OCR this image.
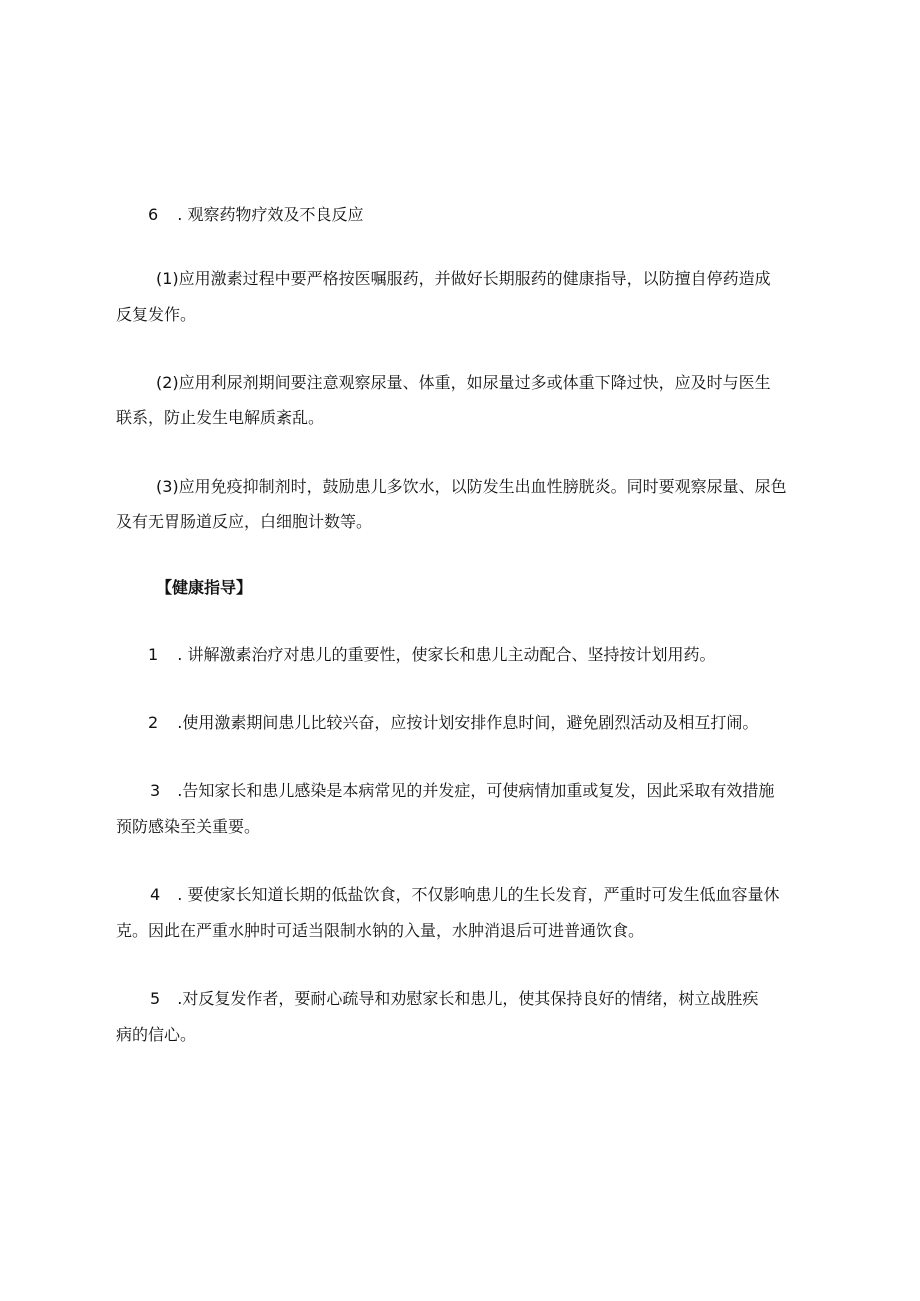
6 . 观察药物疗效及不良反应
(1)应用激素过程中要严格按医嘱服药，并做好长期服药的健康指导，以防擅自停药造成
反复发作。
(2)应用利尿剂期间要注意观察尿量、体重，如尿量过多或体重下降过快，应及时与医生
联系，防止发生电解质紊乱。
(3)应用免疫抑制剂时，鼓励患儿多饮水，以防发生出血性膀胱炎。同时要观察尿量、尿色
及有无胃肠道反应，白细胞计数等。
【健康指导】
1 . 讲解激素治疗对患儿的重要性，使家长和患儿主动配合、坚持按计划用药。
2 .使用激素期间患儿比较兴奋，应按计划安排作息时间，避免剧烈活动及相互打闹。
3 .告知家长和患儿感染是本病常见的并发症，可使病情加重或复发，因此采取有效措施
预防感染至关重要。
4 . 要使家长知道长期的低盐饮食，不仅影响患儿的生长发育，严重时可发生低血容量休
克。因此在严重水肿时可适当限制水钠的入量，水肿消退后可进普通饮食。
5 .对反复发作者，要耐心疏导和劝慰家长和患儿，使其保持良好的情绪，树立战胜疾
病的信心。
